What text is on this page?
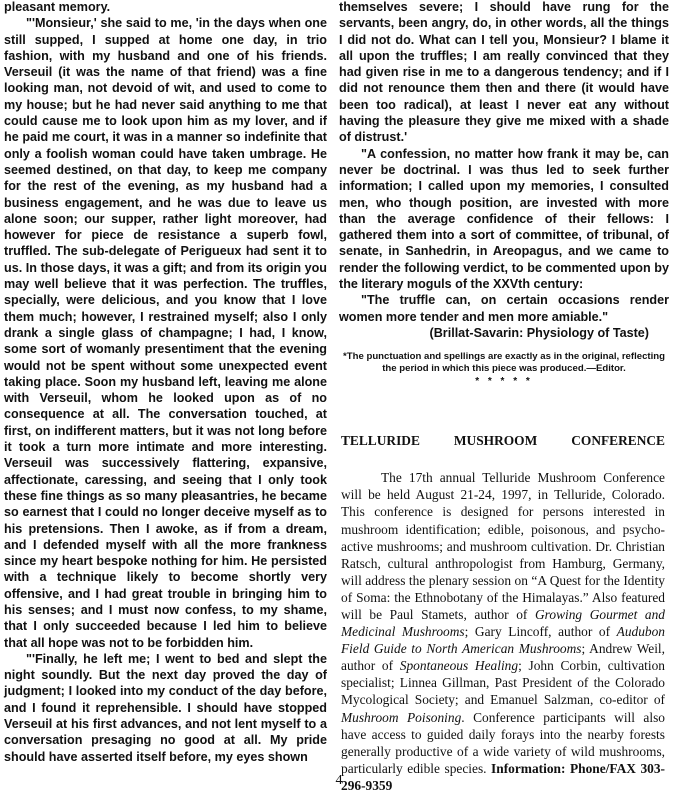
pleasant memory.

"'Monsieur,' she said to me, 'in the days when one still supped, I supped at home one day, in trio fashion, with my husband and one of his friends. Verseuil (it was the name of that friend) was a fine looking man, not devoid of wit, and used to come to my house; but he had never said anything to me that could cause me to look upon him as my lover, and if he paid me court, it was in a manner so indefinite that only a foolish woman could have taken umbrage. He seemed destined, on that day, to keep me company for the rest of the evening, as my husband had a business engagement, and he was due to leave us alone soon; our supper, rather light moreover, had however for piece de resistance a superb fowl, truffled. The sub-delegate of Perigueux had sent it to us. In those days, it was a gift; and from its origin you may well believe that it was perfection. The truffles, specially, were delicious, and you know that I love them much; however, I restrained myself; also I only drank a single glass of champagne; I had, I know, some sort of womanly presentiment that the evening would not be spent without some unexpected event taking place. Soon my husband left, leaving me alone with Verseuil, whom he looked upon as of no consequence at all. The conversation touched, at first, on indifferent matters, but it was not long before it took a turn more intimate and more interesting. Verseuil was successively flattering, expansive, affectionate, caressing, and seeing that I only took these fine things as so many pleasantries, he became so earnest that I could no longer deceive myself as to his pretensions. Then I awoke, as if from a dream, and I defended myself with all the more frankness since my heart bespoke nothing for him. He persisted with a technique likely to become shortly very offensive, and I had great trouble in bringing him to his senses; and I must now confess, to my shame, that I only succeeded because I led him to believe that all hope was not to be forbidden him.

"'Finally, he left me; I went to bed and slept the night soundly. But the next day proved the day of judgment; I looked into my conduct of the day before, and I found it reprehensible. I should have stopped Verseuil at his first advances, and not lent myself to a conversation presaging no good at all. My pride should have asserted itself before, my eyes shown

themselves severe; I should have rung for the servants, been angry, do, in other words, all the things I did not do. What can I tell you, Monsieur? I blame it all upon the truffles; I am really convinced that they had given rise in me to a dangerous tendency; and if I did not renounce them then and there (it would have been too radical), at least I never eat any without having the pleasure they give me mixed with a shade of distrust.'

"A confession, no matter how frank it may be, can never be doctrinal. I was thus led to seek further information; I called upon my memories, I consulted men, who though position, are invested with more than the average confidence of their fellows: I gathered them into a sort of committee, of tribunal, of senate, in Sanhedrin, in Areopagus, and we came to render the following verdict, to be commented upon by the literary moguls of the XXVth century:

"The truffle can, on certain occasions render women more tender and men more amiable."

(Brillat-Savarin: Physiology of Taste)

*The punctuation and spellings are exactly as in the original, reflecting the period in which this piece was produced.—Editor.
* * * * *
TELLURIDE	MUSHROOM	CONFERENCE
The 17th annual Telluride Mushroom Conference will be held August 21-24, 1997, in Telluride, Colorado. This conference is designed for persons interested in mushroom identification; edible, poisonous, and psycho-active mushrooms; and mushroom cultivation. Dr. Christian Ratsch, cultural anthropologist from Hamburg, Germany, will address the plenary session on “A Quest for the Identity of Soma: the Ethnobotany of the Himalayas.” Also featured will be Paul Stamets, author of Growing Gourmet and Medicinal Mushrooms; Gary Lincoff, author of Audubon Field Guide to North American Mushrooms; Andrew Weil, author of Spontaneous Healing; John Corbin, cultivation specialist; Linnea Gillman, Past President of the Colorado Mycological Society; and Emanuel Salzman, co-editor of Mushroom Poisoning. Conference participants will also have access to guided daily forays into the nearby forests generally productive of a wide variety of wild mushrooms, particularly edible species. Information: Phone/FAX 303-296-9359
4
